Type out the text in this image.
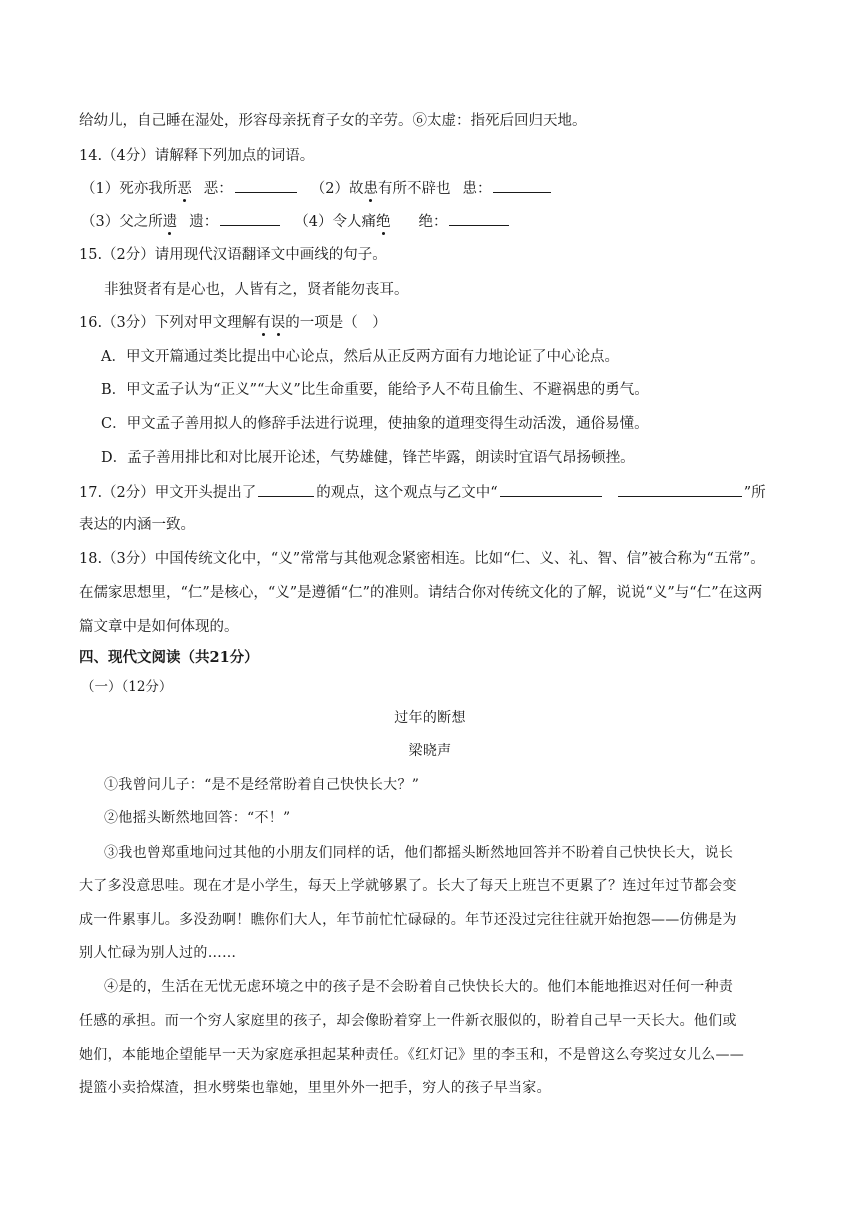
给幼儿，自己睡在湿处，形容母亲抚育子女的辛劳。⑥太虚：指死后回归天地。
14.（4分）请解释下列加点的词语。
（1）死亦我所恶 恶：	（2）故患有所不辟也 患：
（3）父之所遗 遗：	（4）令人痛绝 绝：
15.（2分）请用现代汉语翻译文中画线的句子。
非独贤者有是心也，人皆有之，贤者能勿丧耳。
16.（3分）下列对甲文理解有误的一项是（　）
A．甲文开篇通过类比提出中心论点，然后从正反两方面有力地论证了中心论点。
B．甲文孟子认为“正义”“大义”比生命重要，能给予人不苟且偷生、不避祸患的勇气。
C．甲文孟子善用拟人的修辞手法进行说理，使抽象的道理变得生动活泼，通俗易懂。
D．孟子善用排比和对比展开论述，气势雄健，锋芒毕露，朗读时宜语气昂扬顿挫。
17.（2分）甲文开头提出了	的观点，这个观点与乙文中“	”所
表达的内涵一致。
18.（3分）中国传统文化中，“义”常常与其他观念紧密相连。比如“仁、义、礼、智、信”被合称为“五常”。
在儒家思想里，“仁”是核心，“义”是遵循“仁”的准则。请结合你对传统文化的了解，说说“义”与“仁”在这两
篇文章中是如何体现的。
四、现代文阅读（共21分）
（一）（12分）
过年的断想
梁晓声
①我曾问儿子：“是不是经常盼着自己快快长大？”
②他摇头断然地回答：“不！”
③我也曾郑重地问过其他的小朋友们同样的话，他们都摇头断然地回答并不盼着自己快快长大，说长
大了多没意思哇。现在才是小学生，每天上学就够累了。长大了每天上班岂不更累了？连过年过节都会变
成一件累事儿。多没劲啊！瞧你们大人，年节前忙忙碌碌的。年节还没过完往往就开始抱怨——仿佛是为
别人忙碌为别人过的……
④是的，生活在无忧无虑环境之中的孩子是不会盼着自己快快长大的。他们本能地推迟对任何一种责
任感的承担。而一个穷人家庭里的孩子，却会像盼着穿上一件新衣服似的，盼着自己早一天长大。他们或
她们，本能地企望能早一天为家庭承担起某种责任。《红灯记》里的李玉和，不是曾这么夸奖过女儿么——
提篮小卖拾煤渣，担水劈柴也靠她，里里外外一把手，穷人的孩子早当家。
